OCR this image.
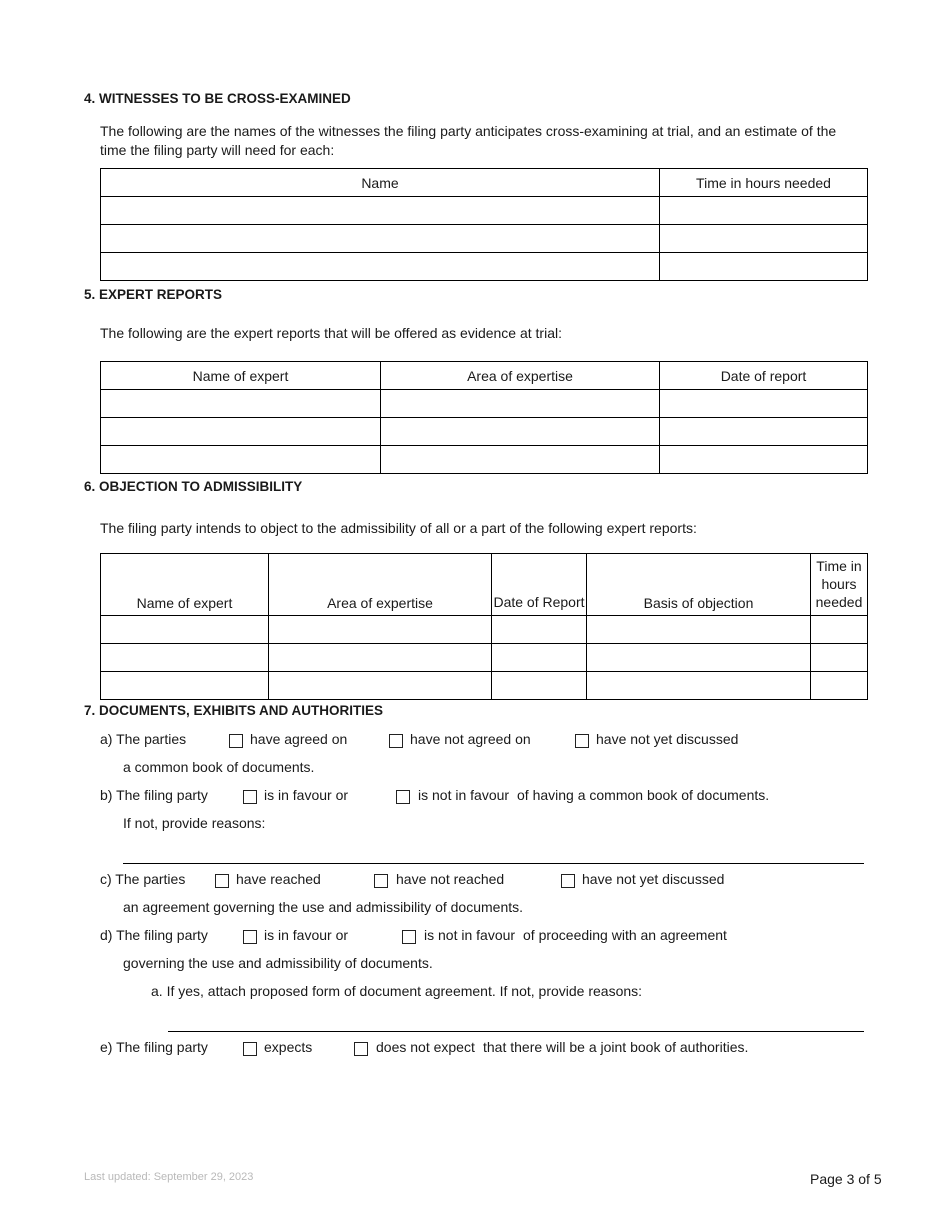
4. WITNESSES TO BE CROSS-EXAMINED
The following are the names of the witnesses the filing party anticipates cross-examining at trial, and an estimate of the
time the filing party will need for each:
Name	Time in hours needed

5. EXPERT REPORTS
The following are the expert reports that will be offered as evidence at trial:
Name of expert	Area of expertise	Date of report

6. OBJECTION TO ADMISSIBILITY
The filing party intends to object to the admissibility of all or a part of the following expert reports:
Name of expert	Area of expertise	Date of Report	Basis of objection	Time in hours needed

7. DOCUMENTS, EXHIBITS AND AUTHORITIES
a) The parties	have agreed on	have not agreed on	have not yet discussed
a common book of documents.
b) The filing party	is in favour or	is not in favour of having a common book of documents.
If not, provide reasons:
c) The parties	have reached	have not reached	have not yet discussed
an agreement governing the use and admissibility of documents.
d) The filing party	is in favour or	is not in favour of proceeding with an agreement
governing the use and admissibility of documents.
a. If yes, attach proposed form of document agreement. If not, provide reasons:
e) The filing party	expects	does not expect that there will be a joint book of authorities.
Last updated: September 29, 2023	Page 3 of 5
